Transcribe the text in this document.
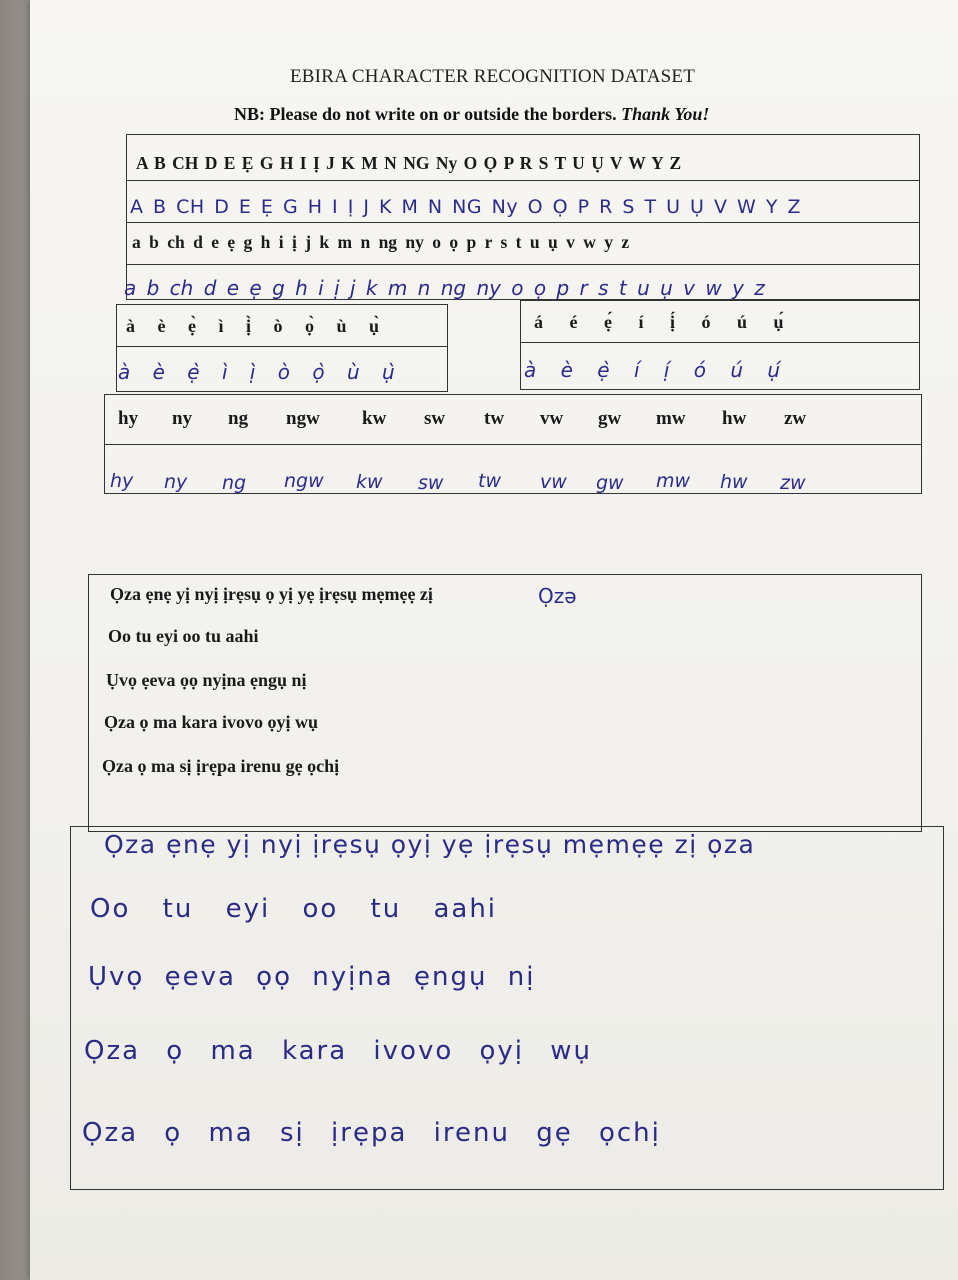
EBIRA CHARACTER RECOGNITION DATASET
NB: Please do not write on or outside the borders. Thank You!
A B CH D E Ẹ G H I Ị J K M N NG Ny O Ọ P R S T U Ụ V W Y Z
A B CH D E Ẹ G H I Ị J K M N NG Ny O Ọ P R S T U Ụ V W Y Z
a b ch d e ẹ g h i ị j k m n ng ny o ọ p r s t u ụ v w y z
a b ch d e ẹ g h i ị j k m n ng ny o ọ p r s t u ụ v w y z
à è ẹ̀ ì ị̀ ò ọ̀ ù ụ̀
à è ẹ̀ ì ị̀ ò ọ̀ ù ụ̀
á é ẹ́ í ị́ ó ú ụ́
à è ẹ̀ í ị́ ó ú ụ́
hy ny ng ngw kw sw tw vw gw mw hw zw
hy ny ng ngw kw sw tw vw gw mw hw zw
Ọza ẹnẹ yị nyị ịrẹsụ ọ yị yẹ ịrẹsụ mẹmẹẹ zị	Ọzə
Oo tu eyi oo tu aahi
Ụvọ ẹeva ọọ nyịna ẹngụ nị
Ọza ọ ma kara ivovo ọyị wụ
Ọza ọ ma sị ịrẹpa irenu gẹ ọchị
Ọza ẹnẹ yị nyị ịrẹsụ ọyị yẹ ịrẹsụ mẹmẹẹ zị ọza
Oo tu eyi oo tu aahi
Ụvọ ẹeva ọọ nyịna ẹngụ nị
Ọza ọ ma kara ivovo ọyị wụ
Ọza ọ ma sị ịrẹpa irenu gẹ ọchị
